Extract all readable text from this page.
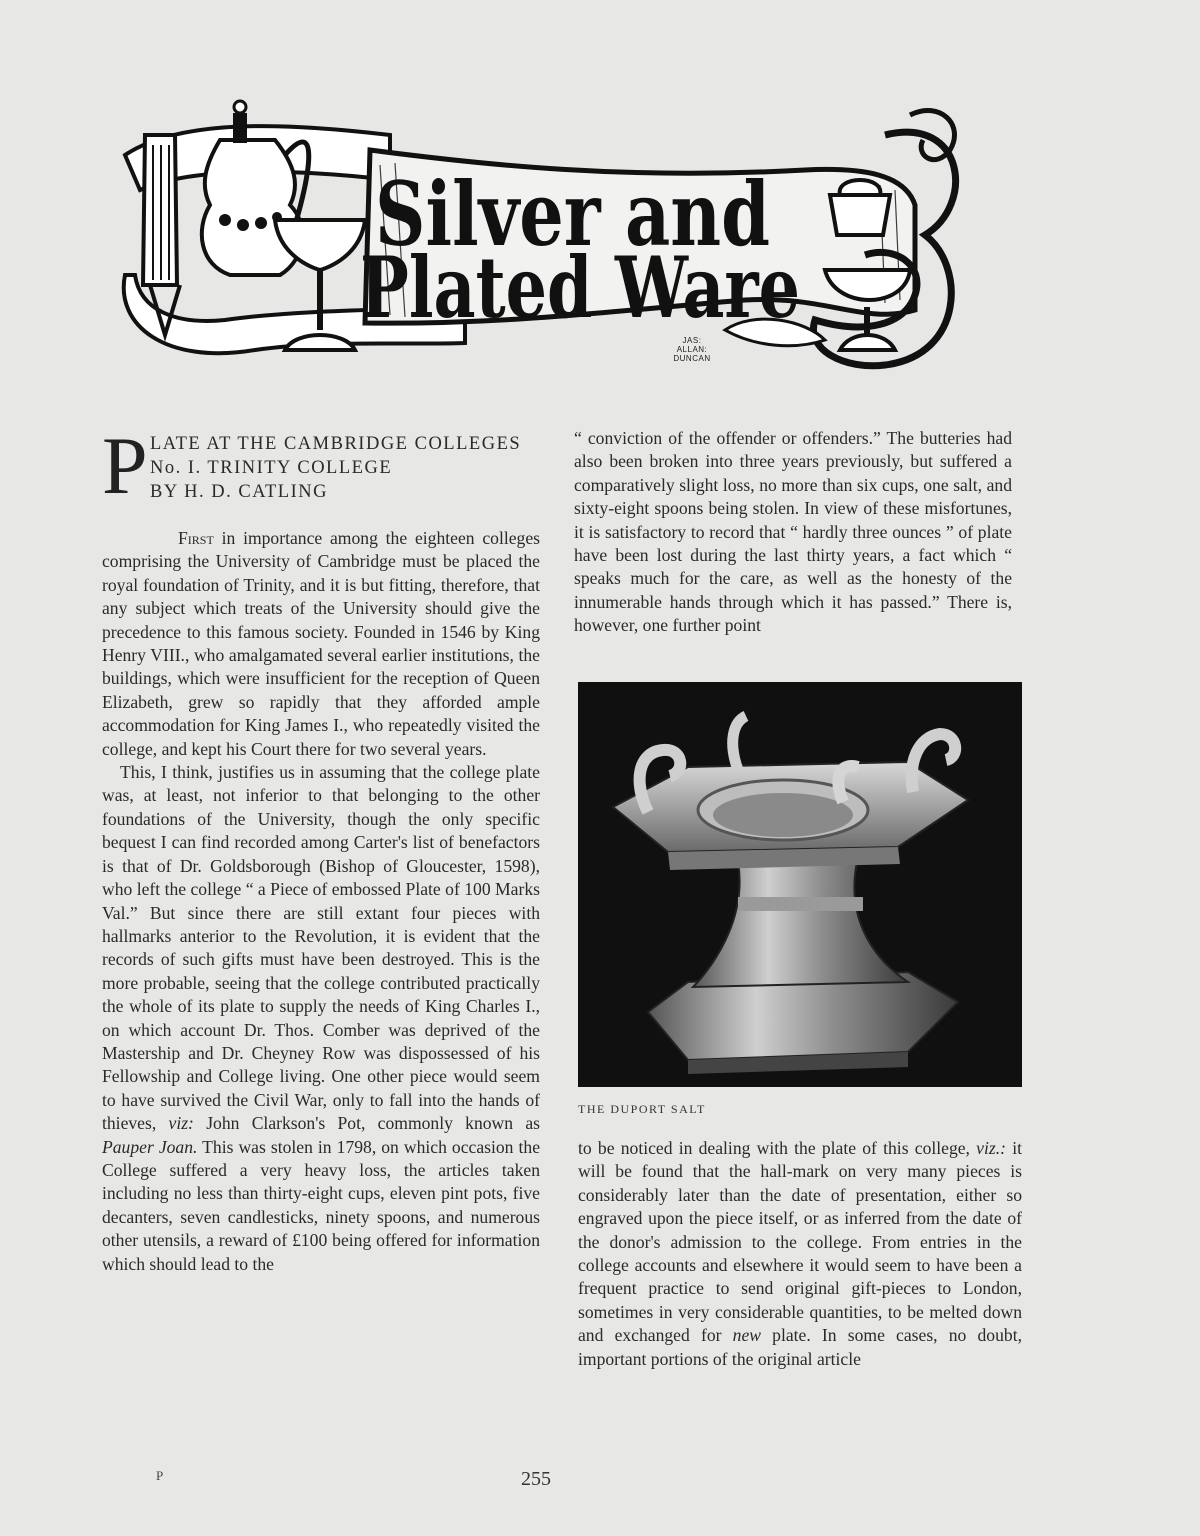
Silver and
Plated Ware
JAS:
ALLAN:
DUNCAN
P LATE AT THE CAMBRIDGE COLLEGES
No. I. TRINITY COLLEGE
BY H. D. CATLING

First in importance among the eighteen colleges comprising the University of Cambridge must be placed the royal foundation of Trinity, and it is but fitting, therefore, that any subject which treats of the University should give the precedence to this famous society. Founded in 1546 by King Henry VIII., who amalgamated several earlier institutions, the buildings, which were insufficient for the reception of Queen Elizabeth, grew so rapidly that they afforded ample accommodation for King James I., who repeatedly visited the college, and kept his Court there for two several years.

This, I think, justifies us in assuming that the college plate was, at least, not inferior to that belonging to the other foundations of the University, though the only specific bequest I can find recorded among Carter's list of benefactors is that of Dr. Goldsborough (Bishop of Gloucester, 1598), who left the college “ a Piece of embossed Plate of 100 Marks Val.” But since there are still extant four pieces with hallmarks anterior to the Revolution, it is evident that the records of such gifts must have been destroyed. This is the more probable, seeing that the college contributed practically the whole of its plate to supply the needs of King Charles I., on which account Dr. Thos. Comber was deprived of the Mastership and Dr. Cheyney Row was dispossessed of his Fellowship and College living. One other piece would seem to have survived the Civil War, only to fall into the hands of thieves, viz: John Clarkson's Pot, commonly known as Pauper Joan. This was stolen in 1798, on which occasion the College suffered a very heavy loss, the articles taken including no less than thirty-eight cups, eleven pint pots, five decanters, seven candlesticks, ninety spoons, and numerous other utensils, a reward of £100 being offered for information which should lead to the

“ conviction of the offender or offenders.” The butteries had also been broken into three years previously, but suffered a comparatively slight loss, no more than six cups, one salt, and sixty-eight spoons being stolen. In view of these misfortunes, it is satisfactory to record that “ hardly three ounces ” of plate have been lost during the last thirty years, a fact which “ speaks much for the care, as well as the honesty of the innumerable hands through which it has passed.” There is, however, one further point

THE DUPORT SALT

to be noticed in dealing with the plate of this college, viz.: it will be found that the hall-mark on very many pieces is considerably later than the date of presentation, either so engraved upon the piece itself, or as inferred from the date of the donor's admission to the college. From entries in the college accounts and elsewhere it would seem to have been a frequent practice to send original gift-pieces to London, sometimes in very considerable quantities, to be melted down and exchanged for new plate. In some cases, no doubt, important portions of the original article

P	255
